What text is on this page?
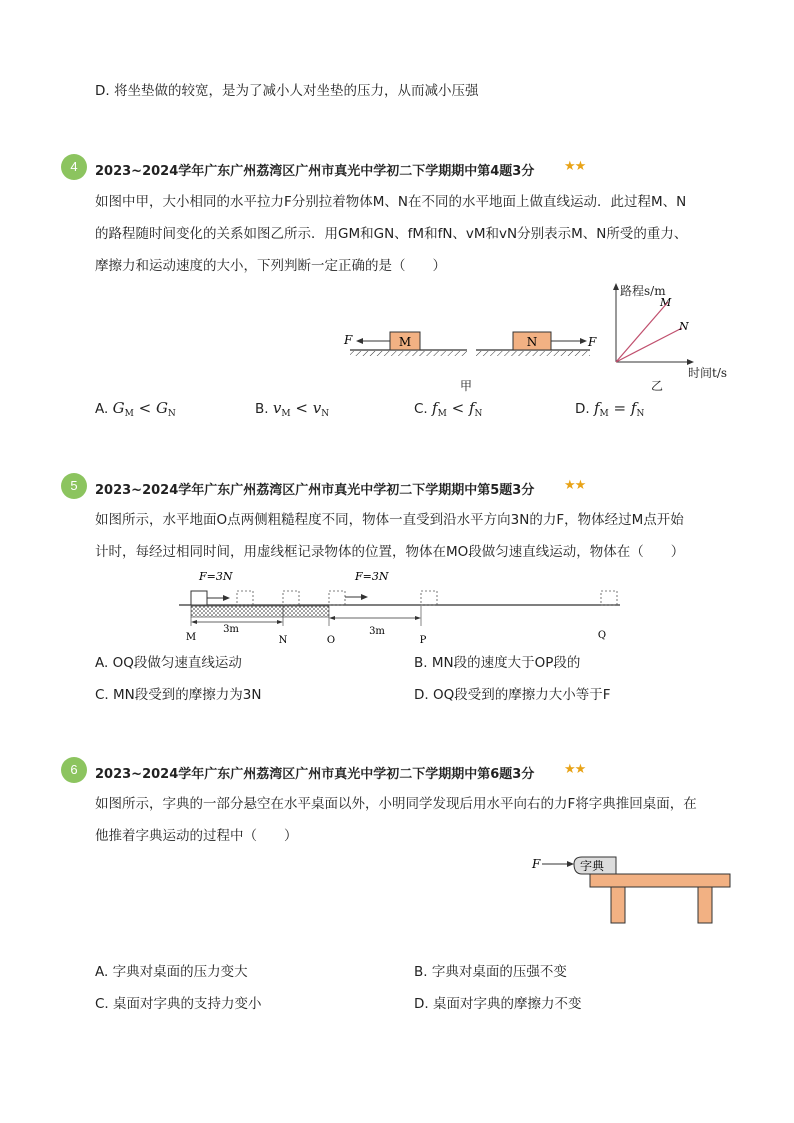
D. 将坐垫做的较宽，是为了减小人对坐垫的压力，从而减小压强
4	2023~2024学年广东广州荔湾区广州市真光中学初二下学期期中第4题3分 ★★
如图中甲，大小相同的水平拉力F分别拉着物体M、N在不同的水平地面上做直线运动．此过程M、N
的路程随时间变化的关系如图乙所示．用GM和GN、fM和fN、vM和vN分别表示M、N所受的重力、
摩擦力和运动速度的大小，下列判断一定正确的是（　　）
M
F	N	F
甲
M
N
路程s/m
时间t/s
乙
A. $G_M < G_N$	B. $v_M < v_N$	C. $f_M < f_N$	D. $f_M = f_N$
5	2023~2024学年广东广州荔湾区广州市真光中学初二下学期期中第5题3分 ★★
如图所示，水平地面O点两侧粗糙程度不同，物体一直受到沿水平方向3N的力F，物体经过M点开始
计时，每经过相同时间，用虚线框记录物体的位置，物体在MO段做匀速直线运动，物体在（　　）
F=3N	F=3N
3m	3m
M	N	O	P	Q
A. OQ段做匀速直线运动	B. MN段的速度大于OP段的
C. MN段受到的摩擦力为3N	D. OQ段受到的摩擦力大小等于F
6	2023~2024学年广东广州荔湾区广州市真光中学初二下学期期中第6题3分 ★★
如图所示，字典的一部分悬空在水平桌面以外，小明同学发现后用水平向右的力F将字典推回桌面，在
他推着字典运动的过程中（　　）
F	字典
A. 字典对桌面的压力变大	B. 字典对桌面的压强不变
C. 桌面对字典的支持力变小	D. 桌面对字典的摩擦力不变
